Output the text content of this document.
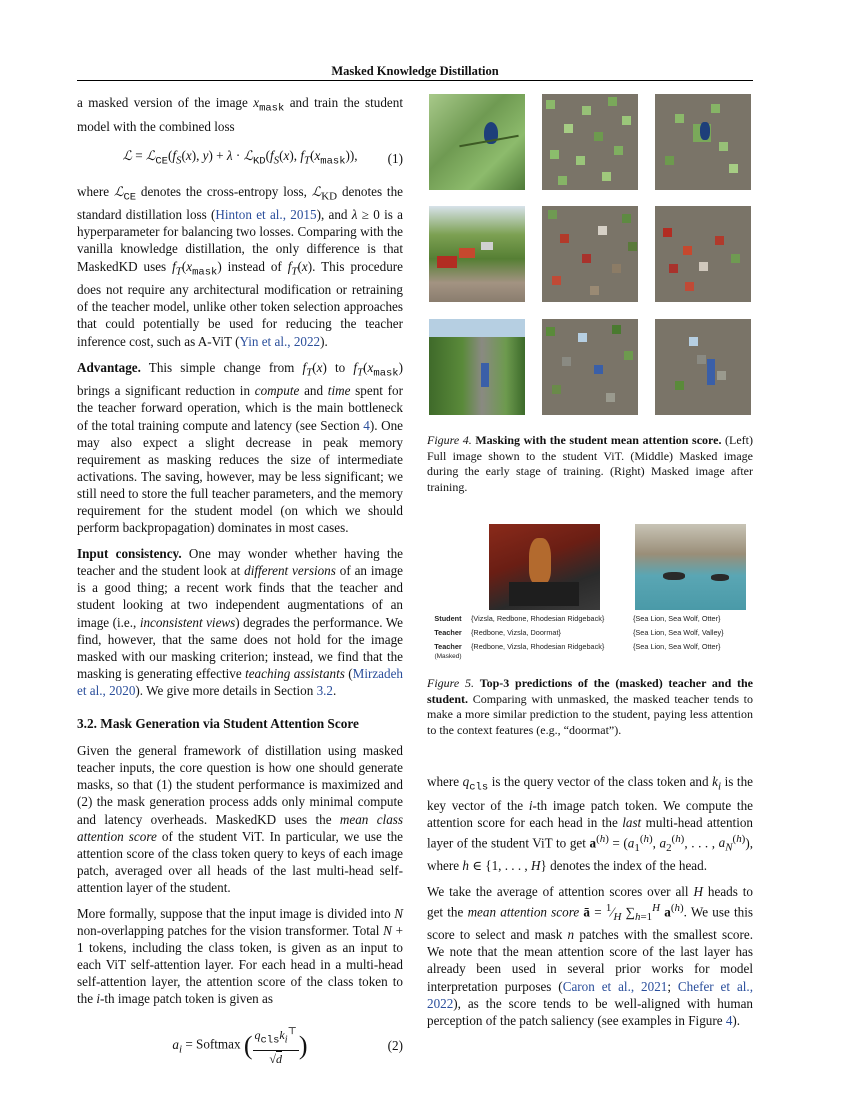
Masked Knowledge Distillation

a masked version of the image $x_{mask}$ and train the student model with the combined loss

ℒ = $ℒ_{CE}(f_S(x)$, $y) + \lambda \cdot ℒ_{KD}(f_S(x)$, $f_T(x_{mask})$), (1)

where ℒ$_{CE}$ denotes the cross-entropy loss, ℒ$_{KD}$ denotes the standard distillation loss (Hinton et al., 2015), and λ ≥ 0 is a hyperparameter for balancing two losses. Comparing with the vanilla knowledge distillation, the only difference is that MaskedKD uses $f_T(x_{mask})$ instead of $f_T(x)$. This procedure does not require any architectural modification or retraining of the teacher model, unlike other token selection approaches that could potentially be used for reducing the teacher inference cost, such as A-ViT (Yin et al., 2022).

Advantage. This simple change from $f_T(x)$ to $f_T(x_{mask})$ brings a significant reduction in compute and time spent for the teacher forward operation, which is the main bottleneck of the total training compute and latency (see Section 4). One may also expect a slight decrease in peak memory requirement as masking reduces the size of intermediate activations. The saving, however, may be less significant; we still need to store the full teacher parameters, and the memory requirement for the student model (on which we should perform backpropagation) dominates in most cases.

Input consistency. One may wonder whether having the teacher and the student look at different versions of an image is a good thing; a recent work finds that the teacher and student looking at two independent augmentations of an image (i.e., inconsistent views) degrades the performance. We find, however, that the same does not hold for the image masked with our masking criterion; instead, we find that the masking is generating effective teaching assistants (Mirzadeh et al., 2020). We give more details in Section 3.2.

3.2. Mask Generation via Student Attention Score

Given the general framework of distillation using masked teacher inputs, the core question is how one should generate masks, so that (1) the student performance is maximized and (2) the mask generation process adds only minimal compute and latency overheads. MaskedKD uses the mean class attention score of the student ViT. In particular, we use the attention score of the class token query to keys of each image patch, averaged over all heads of the last multi-head self-attention layer of the student.

More formally, suppose that the input image is divided into N non-overlapping patches for the vision transformer. Total N + 1 tokens, including the class token, is given as an input to each ViT self-attention layer. For each head in a multi-head self-attention layer, the attention score of the class token to the i-th image patch token is given as

$a_i$ = Softmax ( $q_{cls}k_i^⊤$
√d )	(2)
Figure 4. Masking with the student mean attention score. (Left) Full image shown to the student ViT. (Middle) Masked image during the early stage of training. (Right) Masked image after training.
Student	{Vizsla, Redbone, Rhodesian Ridgeback}	{Sea Lion, Sea Wolf, Otter}
Teacher	{Redbone, Vizsla, Doormat}	{Sea Lion, Sea Wolf, Valley}
Teacher
(Masked)	{Redbone, Vizsla, Rhodesian Ridgeback}	{Sea Lion, Sea Wolf, Otter}
Figure 5. Top-3 predictions of the (masked) teacher and the student. Comparing with unmasked, the masked teacher tends to make a more similar prediction to the student, paying less attention to the context features (e.g., “doormat”).

where $q_{cls}$ is the query vector of the class token and $k_i$ is the key vector of the i-th image patch token. We compute the attention score for each head in the last multi-head attention layer of the student ViT to get $a^{(h)} = (a_1^{(h)}$, $a_2^{(h)}$, . . . , $a_N^{(h)}$), where h ∈ {1, . . . , H} denotes the index of the head.

We take the average of attention scores over all H heads to get the mean attention score ā = $^1⁄_H$ $\sum_{h=1}^H$ $a^{(h)}$. We use this score to select and mask n patches with the smallest score. We note that the mean attention score of the last layer has already been used in several prior works for model interpretation purposes (Caron et al., 2021; Chefer et al., 2022), as the score tends to be well-aligned with human perception of the patch saliency (see examples in Figure 4).
